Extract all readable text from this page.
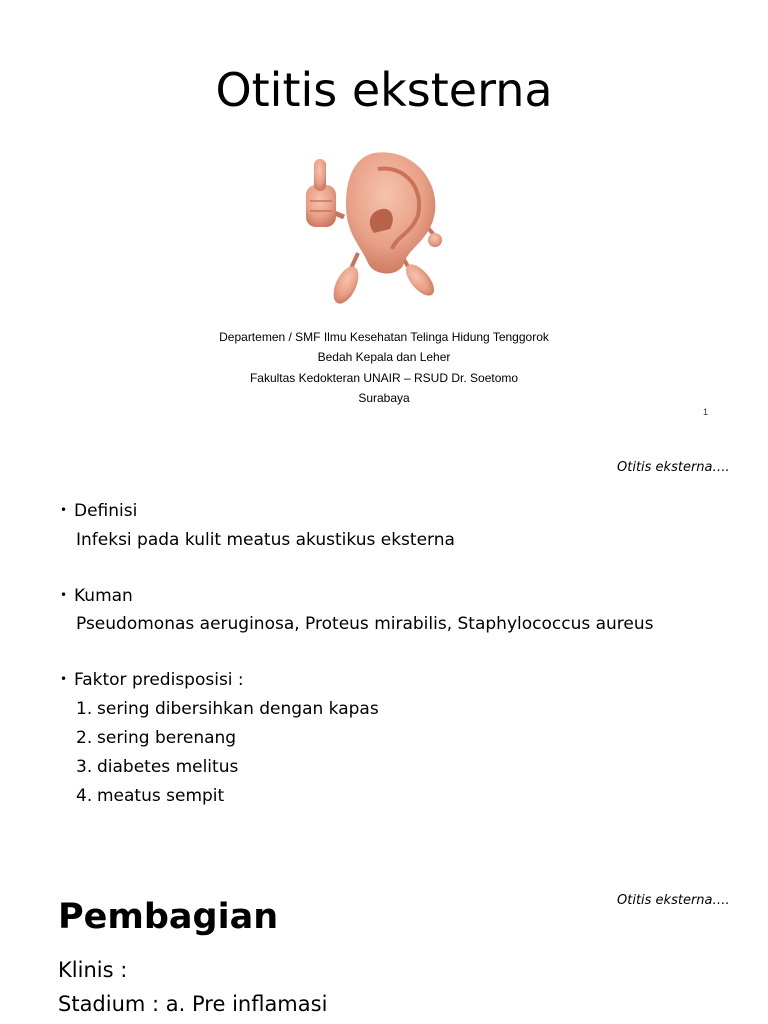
Otitis eksterna
Departemen / SMF Ilmu Kesehatan Telinga Hidung Tenggorok
Bedah Kepala dan Leher
Fakultas Kedokteran UNAIR – RSUD Dr. Soetomo
Surabaya
1
Otitis eksterna….
• Definisi
Infeksi pada kulit meatus akustikus eksterna
• Kuman
Pseudomonas aeruginosa, Proteus mirabilis, Staphylococcus aureus
• Faktor predisposisi :
1. sering dibersihkan dengan kapas
2. sering berenang
3. diabetes melitus
4. meatus sempit
Otitis eksterna….
Pembagian
Klinis :
Stadium : a. Pre inflamasi
